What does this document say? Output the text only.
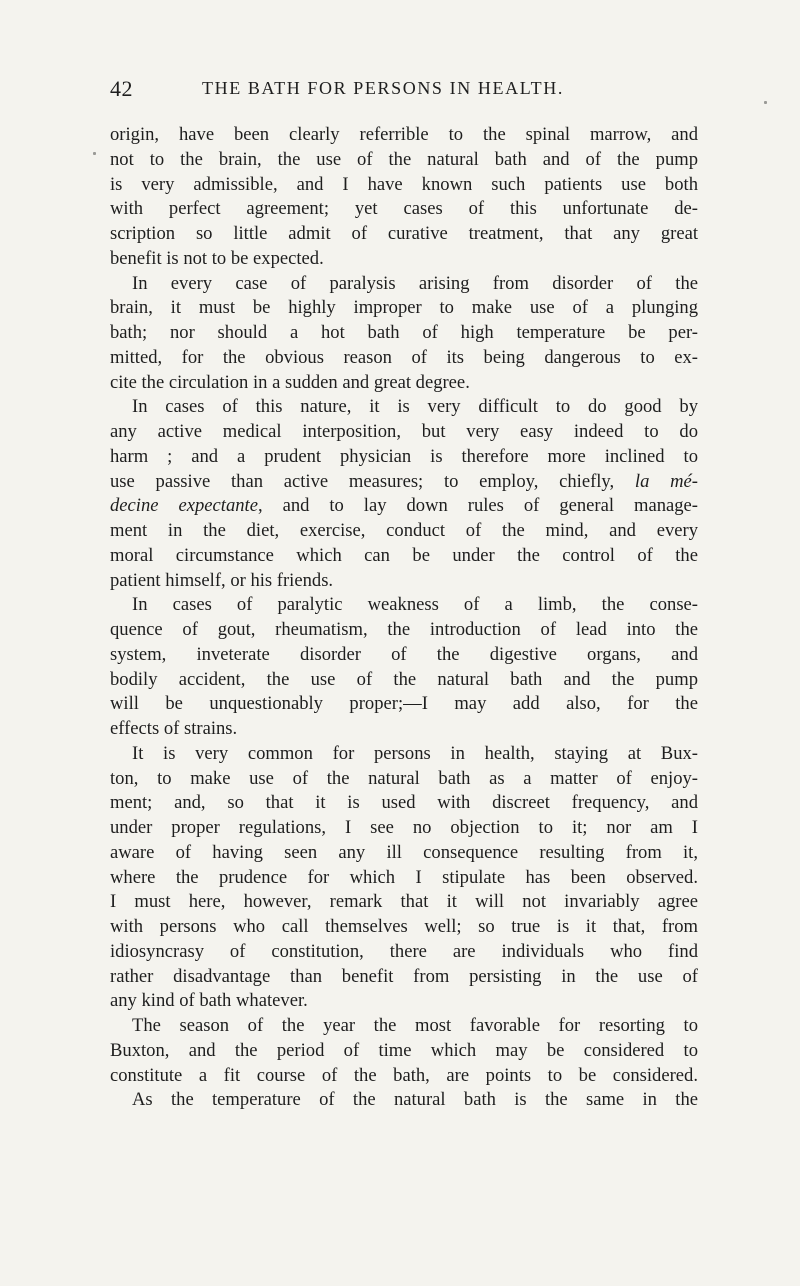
42	THE BATH FOR PERSONS IN HEALTH.
origin, have been clearly referrible to the spinal marrow, and
not to the brain, the use of the natural bath and of the pump
is very admissible, and I have known such patients use both
with perfect agreement; yet cases of this unfortunate de-
scription so little admit of curative treatment, that any great
benefit is not to be expected.
In every case of paralysis arising from disorder of the
brain, it must be highly improper to make use of a plunging
bath; nor should a hot bath of high temperature be per-
mitted, for the obvious reason of its being dangerous to ex-
cite the circulation in a sudden and great degree.
In cases of this nature, it is very difficult to do good by
any active medical interposition, but very easy indeed to do
harm ; and a prudent physician is therefore more inclined to
use passive than active measures; to employ, chiefly, la mé-
decine expectante, and to lay down rules of general manage-
ment in the diet, exercise, conduct of the mind, and every
moral circumstance which can be under the control of the
patient himself, or his friends.
In cases of paralytic weakness of a limb, the conse-
quence of gout, rheumatism, the introduction of lead into the
system, inveterate disorder of the digestive organs, and
bodily accident, the use of the natural bath and the pump
will be unquestionably proper;—I may add also, for the
effects of strains.
It is very common for persons in health, staying at Bux-
ton, to make use of the natural bath as a matter of enjoy-
ment; and, so that it is used with discreet frequency, and
under proper regulations, I see no objection to it; nor am I
aware of having seen any ill consequence resulting from it,
where the prudence for which I stipulate has been observed.
I must here, however, remark that it will not invariably agree
with persons who call themselves well; so true is it that, from
idiosyncrasy of constitution, there are individuals who find
rather disadvantage than benefit from persisting in the use of
any kind of bath whatever.
The season of the year the most favorable for resorting to
Buxton, and the period of time which may be considered to
constitute a fit course of the bath, are points to be considered.
As the temperature of the natural bath is the same in the
